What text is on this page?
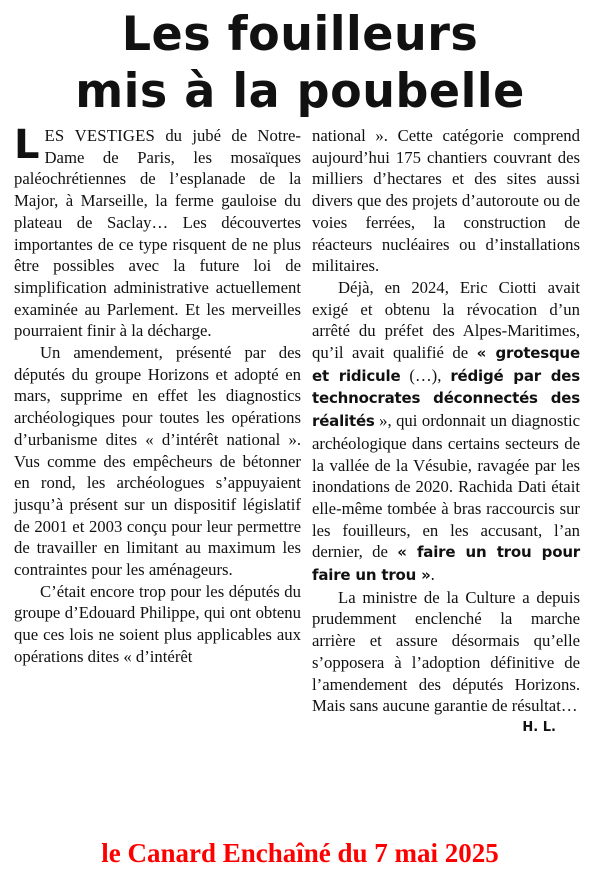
Les fouilleurs
mis à la poubelle

LES VESTIGES du jubé de Notre-Dame de Paris, les mosaïques paléochrétiennes de l’esplanade de la Major, à Marseille, la ferme gauloise du plateau de Saclay… Les découvertes importantes de ce type risquent de ne plus être possibles avec la future loi de simplification administrative actuellement examinée au Parlement. Et les merveilles pourraient finir à la décharge.

Un amendement, présenté par des députés du groupe Horizons et adopté en mars, supprime en effet les diagnostics archéologiques pour toutes les opérations d’urbanisme dites « d’intérêt national ». Vus comme des empêcheurs de bétonner en rond, les archéologues s’appuyaient jusqu’à présent sur un dispositif législatif de 2001 et 2003 conçu pour leur permettre de travailler en limitant au maximum les contraintes pour les aménageurs.

C’était encore trop pour les députés du groupe d’Edouard Philippe, qui ont obtenu que ces lois ne soient plus applicables aux opérations dites « d’intérêt

national ». Cette catégorie comprend aujourd’hui 175 chantiers couvrant des milliers d’hectares et des sites aussi divers que des projets d’autoroute ou de voies ferrées, la construction de réacteurs nucléaires ou d’installations militaires.

Déjà, en 2024, Eric Ciotti avait exigé et obtenu la révocation d’un arrêté du préfet des Alpes-Maritimes, qu’il avait qualifié de « grotesque et ridicule (…), rédigé par des technocrates déconnectés des réalités », qui ordonnait un diagnostic archéologique dans certains secteurs de la vallée de la Vésubie, ravagée par les inondations de 2020. Rachida Dati était elle-même tombée à bras raccourcis sur les fouilleurs, en les accusant, l’an dernier, de « faire un trou pour faire un trou ».

La ministre de la Culture a depuis prudemment enclenché la marche arrière et assure désormais qu’elle s’opposera à l’adoption définitive de l’amendement des députés Horizons. Mais sans aucune garantie de résultat…
H. L.

le Canard Enchaîné du 7 mai 2025
